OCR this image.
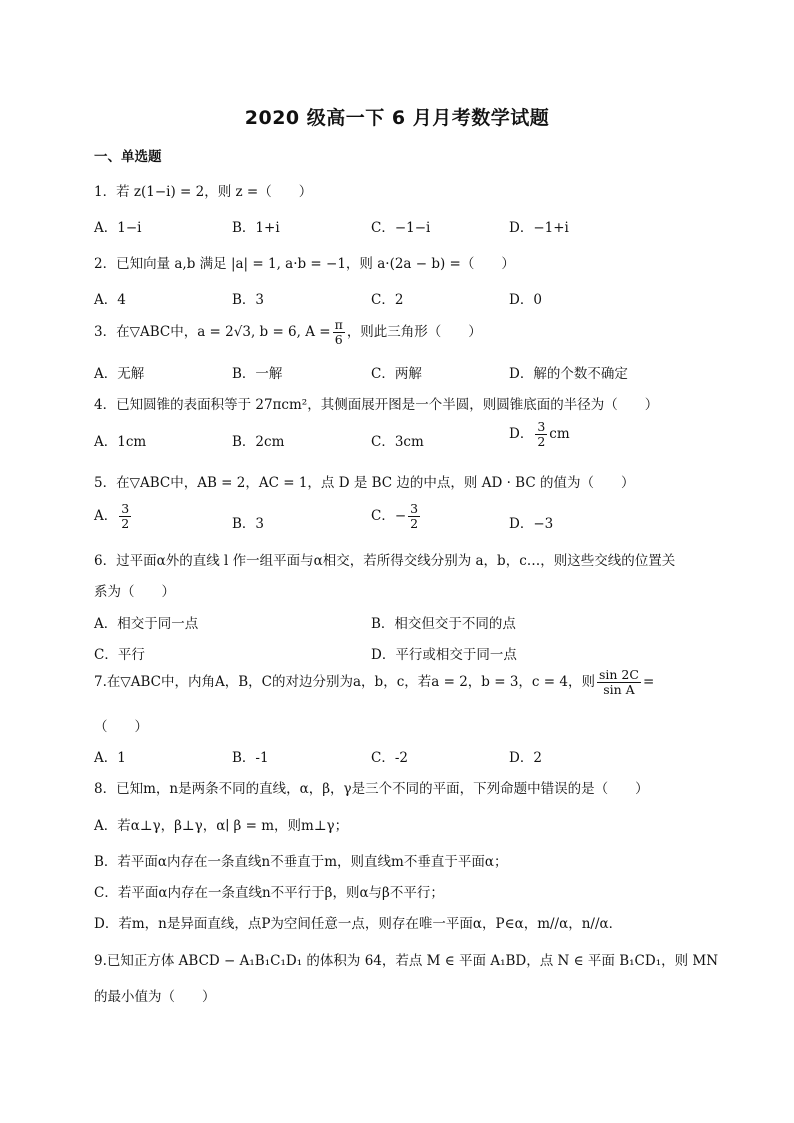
2020 级高一下 6 月月考数学试题
一、单选题
1．若 z(1−i) = 2，则 z =（　　）
A．1−i	B．1+i	C．−1−i	D．−1+i
2．已知向量 a,b 满足 |a| = 1, a·b = −1，则 a·(2a − b) =（　　）
A．4	B．3	C．2	D．0
3．在▽ABC中，a = 2√3, b = 6, $A = \frac{\pi}{6}$ ，则此三角形（　　）
A．无解	B．一解	C．两解	D．解的个数不确定
4．已知圆锥的表面积等于 27πcm²，其侧面展开图是一个半圆，则圆锥底面的半径为（　　）
A．1cm	B．2cm	C．3cm	D． $\frac{3}{2}$ cm
5．在▽ABC中，AB = 2，AC = 1，点 D 是 BC 边的中点，则 AD · BC 的值为（　　）
A． $\frac{3}{2}$	B．3	C．− $\frac{3}{2}$	D．−3
6．过平面α外的直线 l 作一组平面与α相交，若所得交线分别为 a，b，c…，则这些交线的位置关
系为（　　）
A．相交于同一点	B．相交但交于不同的点
C．平行	D．平行或相交于同一点
7.在▽ABC中，内角A，B，C的对边分别为a，b，c，若a = 2，b = 3，c = 4，则 $\frac{\sin 2C}{\text{sin A}}$ =
（　　）
A．1	B．-1	C．-2	D．2
8．已知m，n是两条不同的直线，α，β，γ是三个不同的平面，下列命题中错误的是（　　）
A．若α⊥γ，β⊥γ，α∣ β = m，则m⊥γ；
B．若平面α内存在一条直线n不垂直于m，则直线m不垂直于平面α；
C．若平面α内存在一条直线n不平行于β，则α与β不平行；
D．若m，n是异面直线，点P为空间任意一点，则存在唯一平面α，P∈α，m//α，n//α．
9.已知正方体 ABCD − A₁B₁C₁D₁ 的体积为 64，若点 M ∈ 平面 A₁BD，点 N ∈ 平面 B₁CD₁，则 MN
的最小值为（　　）
